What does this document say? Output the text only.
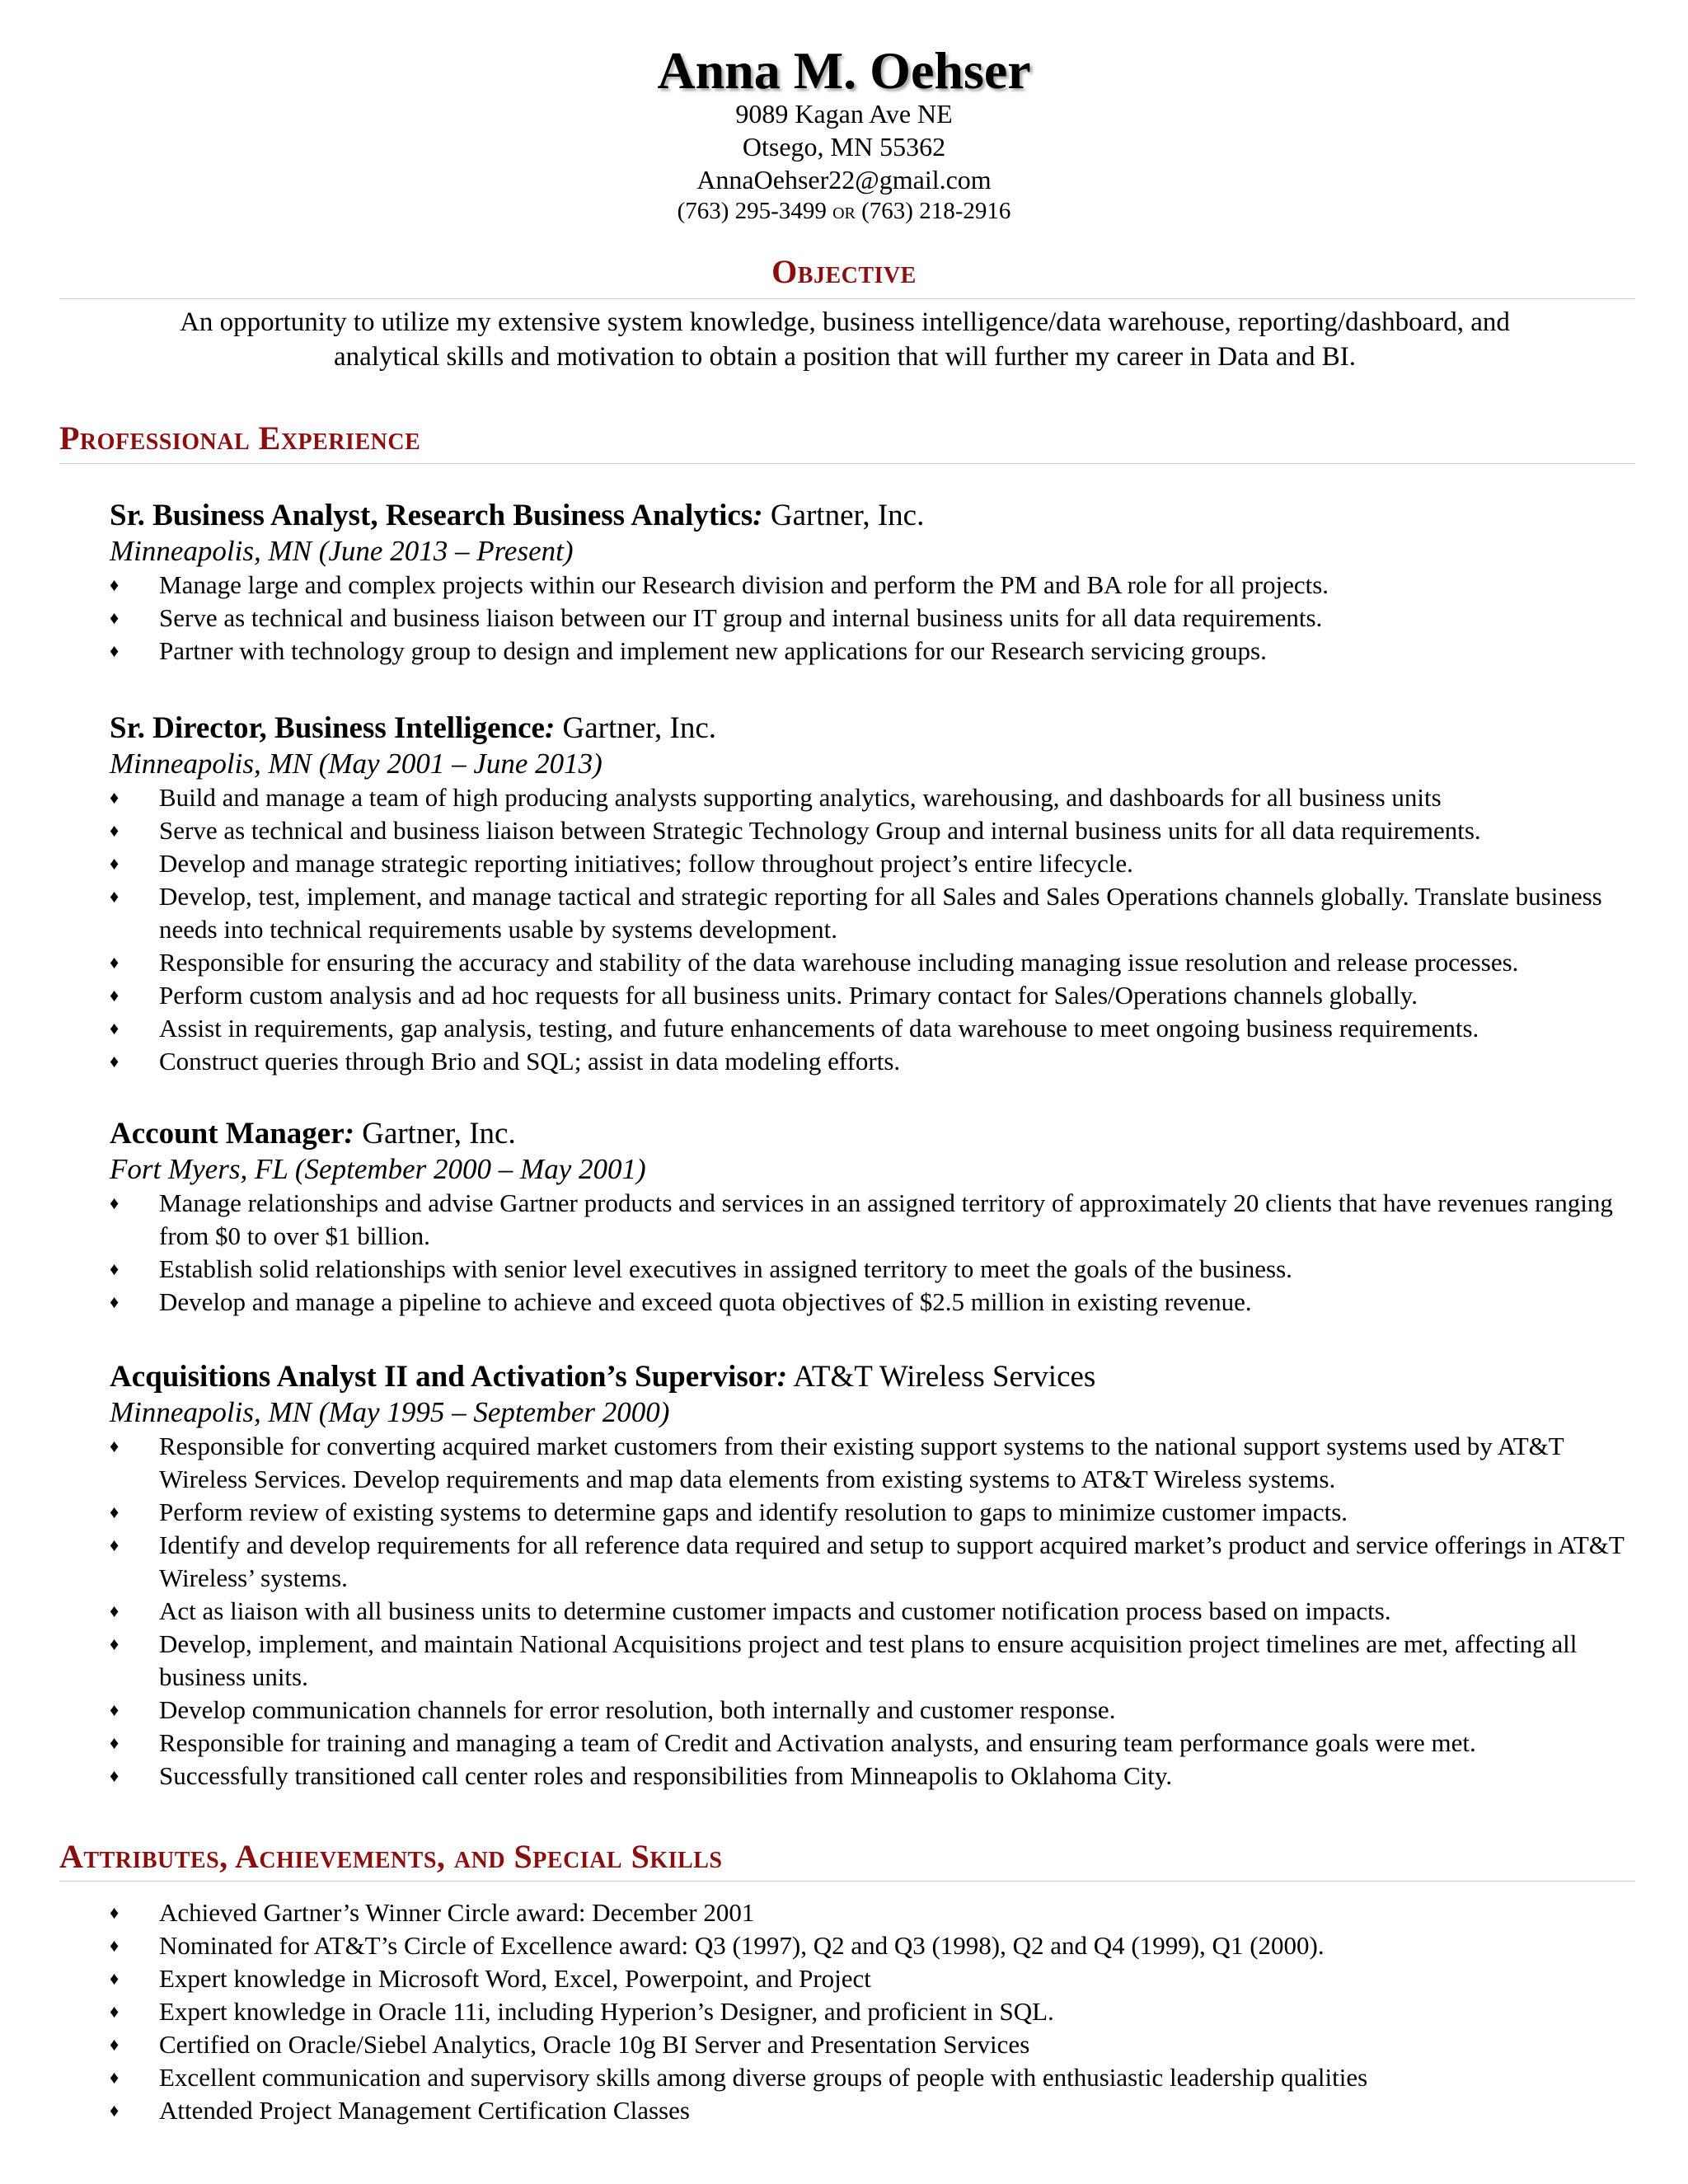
Anna M. Oehser
9089 Kagan Ave NE
Otsego, MN 55362
AnnaOehser22@gmail.com
(763) 295-3499 or (763) 218-2916
Objective
An opportunity to utilize my extensive system knowledge, business intelligence/data warehouse, reporting/dashboard, and
analytical skills and motivation to obtain a position that will further my career in Data and BI.
Professional Experience
Sr. Business Analyst, Research Business Analytics: Gartner, Inc.
Minneapolis, MN (June 2013 – Present)
♦	Manage large and complex projects within our Research division and perform the PM and BA role for all projects.
♦	Serve as technical and business liaison between our IT group and internal business units for all data requirements.
♦	Partner with technology group to design and implement new applications for our Research servicing groups.
Sr. Director, Business Intelligence: Gartner, Inc.
Minneapolis, MN (May 2001 – June 2013)
♦	Build and manage a team of high producing analysts supporting analytics, warehousing, and dashboards for all business units
♦	Serve as technical and business liaison between Strategic Technology Group and internal business units for all data requirements.
♦	Develop and manage strategic reporting initiatives; follow throughout project’s entire lifecycle.
♦	Develop, test, implement, and manage tactical and strategic reporting for all Sales and Sales Operations channels globally. Translate business needs into technical requirements usable by systems development.
♦	Responsible for ensuring the accuracy and stability of the data warehouse including managing issue resolution and release processes.
♦	Perform custom analysis and ad hoc requests for all business units. Primary contact for Sales/Operations channels globally.
♦	Assist in requirements, gap analysis, testing, and future enhancements of data warehouse to meet ongoing business requirements.
♦	Construct queries through Brio and SQL; assist in data modeling efforts.
Account Manager: Gartner, Inc.
Fort Myers, FL (September 2000 – May 2001)
♦	Manage relationships and advise Gartner products and services in an assigned territory of approximately 20 clients that have revenues ranging from $0 to over $1 billion.
♦	Establish solid relationships with senior level executives in assigned territory to meet the goals of the business.
♦	Develop and manage a pipeline to achieve and exceed quota objectives of $2.5 million in existing revenue.
Acquisitions Analyst II and Activation’s Supervisor: AT&T Wireless Services
Minneapolis, MN (May 1995 – September 2000)
♦	Responsible for converting acquired market customers from their existing support systems to the national support systems used by AT&T Wireless Services. Develop requirements and map data elements from existing systems to AT&T Wireless systems.
♦	Perform review of existing systems to determine gaps and identify resolution to gaps to minimize customer impacts.
♦	Identify and develop requirements for all reference data required and setup to support acquired market’s product and service offerings in AT&T Wireless’ systems.
♦	Act as liaison with all business units to determine customer impacts and customer notification process based on impacts.
♦	Develop, implement, and maintain National Acquisitions project and test plans to ensure acquisition project timelines are met, affecting all business units.
♦	Develop communication channels for error resolution, both internally and customer response.
♦	Responsible for training and managing a team of Credit and Activation analysts, and ensuring team performance goals were met.
♦	Successfully transitioned call center roles and responsibilities from Minneapolis to Oklahoma City.
Attributes, Achievements, and Special Skills
♦	Achieved Gartner’s Winner Circle award: December 2001
♦	Nominated for AT&T’s Circle of Excellence award: Q3 (1997), Q2 and Q3 (1998), Q2 and Q4 (1999), Q1 (2000).
♦	Expert knowledge in Microsoft Word, Excel, Powerpoint, and Project
♦	Expert knowledge in Oracle 11i, including Hyperion’s Designer, and proficient in SQL.
♦	Certified on Oracle/Siebel Analytics, Oracle 10g BI Server and Presentation Services
♦	Excellent communication and supervisory skills among diverse groups of people with enthusiastic leadership qualities
♦	Attended Project Management Certification Classes
